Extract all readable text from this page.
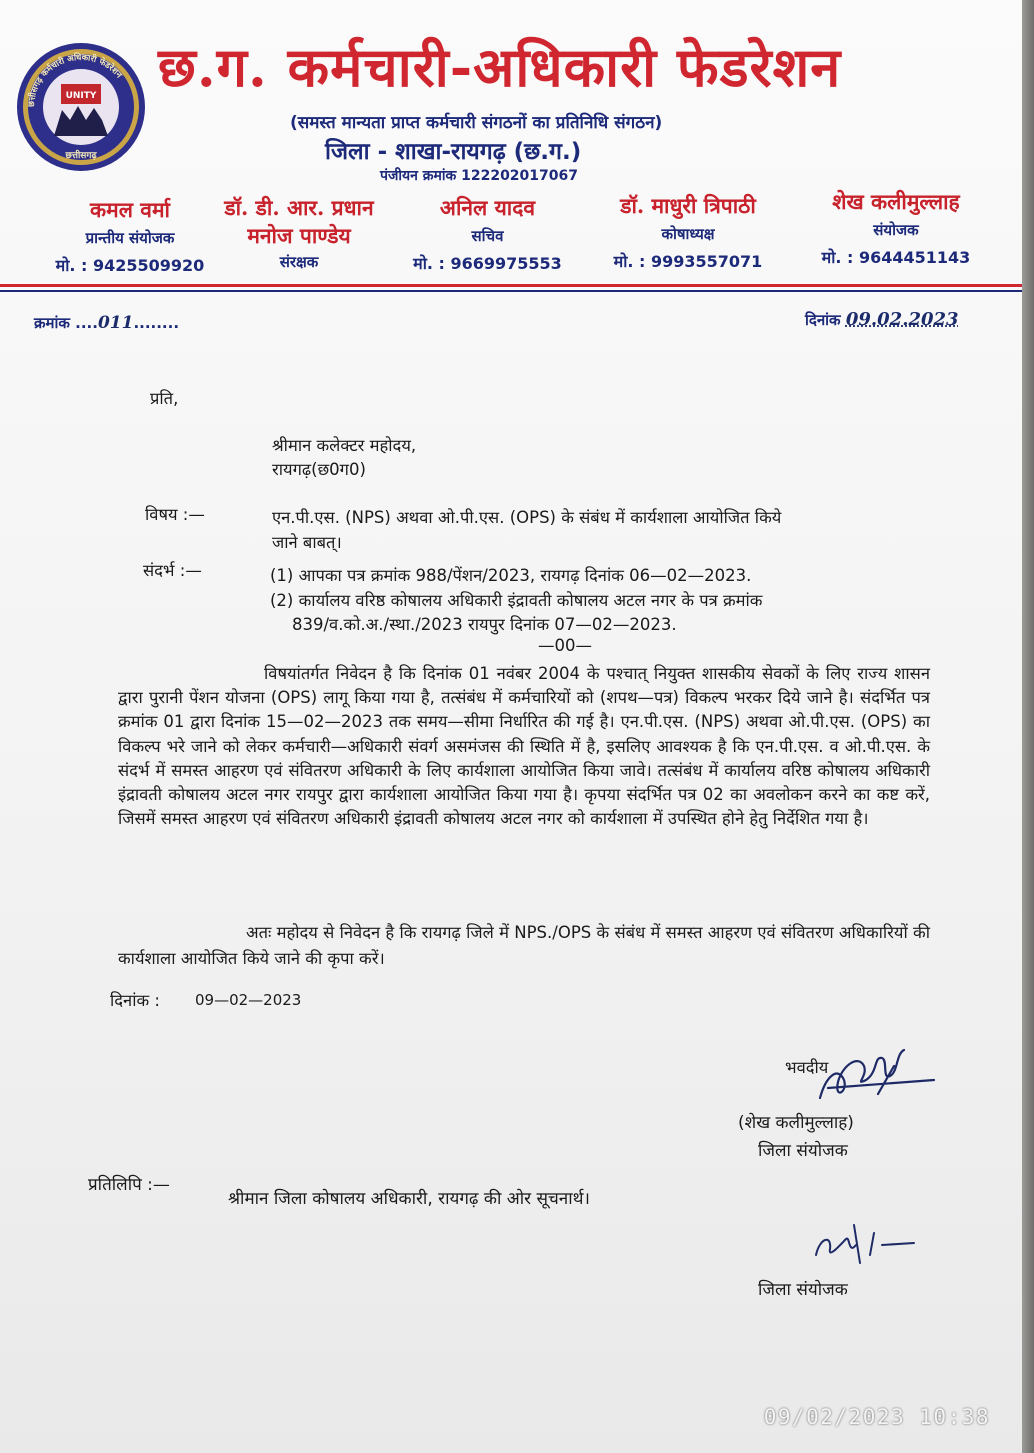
छत्तीसगढ़ कर्मचारी अधिकारी फेडरेशन
UNITY
छत्तीसगढ़
छ.ग. कर्मचारी-अधिकारी फेडरेशन
(समस्त मान्यता प्राप्त कर्मचारी संगठनों का प्रतिनिधि संगठन)
जिला - शाखा-रायगढ़ (छ.ग.)
पंजीयन क्रमांक 122202017067
कमल वर्मा
प्रान्तीय संयोजक
मो. : 9425509920
डॉ. डी. आर. प्रधान
मनोज पाण्डेय
संरक्षक
अनिल यादव
सचिव
मो. : 9669975553
डॉ. माधुरी त्रिपाठी
कोषाध्यक्ष
मो. : 9993557071
शेख कलीमुल्लाह
संयोजक
मो. : 9644451143
क्रमांक ....011........	दिनांक 09.02.2023
प्रति,
श्रीमान कलेक्टर महोदय,
रायगढ़(छ0ग0)
विषय :—	एन.पी.एस. (NPS) अथवा ओ.पी.एस. (OPS) के संबंध में कार्यशाला आयोजित किये
जाने बाबत्।
संदर्भ :—	(1) आपका पत्र क्रमांक 988/पेंशन/2023, रायगढ़ दिनांक 06—02—2023.
(2) कार्यालय वरिष्ठ कोषालय अधिकारी इंद्रावती कोषालय अटल नगर के पत्र क्रमांक
839/व.को.अ./स्था./2023 रायपुर दिनांक 07—02—2023.
—00—
विषयांतर्गत निवेदन है कि दिनांक 01 नवंबर 2004 के पश्चात् नियुक्त शासकीय सेवकों के लिए राज्य शासन द्वारा पुरानी पेंशन योजना (OPS) लागू किया गया है, तत्संबंध में कर्मचारियों को (शपथ—पत्र) विकल्प भरकर दिये जाने है। संदर्भित पत्र क्रमांक 01 द्वारा दिनांक 15—02—2023 तक समय—सीमा निर्धारित की गई है। एन.पी.एस. (NPS) अथवा ओ.पी.एस. (OPS) का विकल्प भरे जाने को लेकर कर्मचारी—अधिकारी संवर्ग असमंजस की स्थिति में है, इसलिए आवश्यक है कि एन.पी.एस. व ओ.पी.एस. के संदर्भ में समस्त आहरण एवं संवितरण अधिकारी के लिए कार्यशाला आयोजित किया जावे। तत्संबंध में कार्यालय वरिष्ठ कोषालय अधिकारी इंद्रावती कोषालय अटल नगर रायपुर द्वारा कार्यशाला आयोजित किया गया है। कृपया संदर्भित पत्र 02 का अवलोकन करने का कष्ट करें, जिसमें समस्त आहरण एवं संवितरण अधिकारी इंद्रावती कोषालय अटल नगर को कार्यशाला में उपस्थित होने हेतु निर्देशित गया है।
अतः महोदय से निवेदन है कि रायगढ़ जिले में NPS./OPS के संबंध में समस्त आहरण एवं संवितरण अधिकारियों की कार्यशाला आयोजित किये जाने की कृपा करें।
दिनांक : 09—02—2023
भवदीय
(शेख कलीमुल्लाह)
जिला संयोजक
प्रतिलिपि :—
श्रीमान जिला कोषालय अधिकारी, रायगढ़ की ओर सूचनार्थ।
जिला संयोजक
09/02/2023 10:38
